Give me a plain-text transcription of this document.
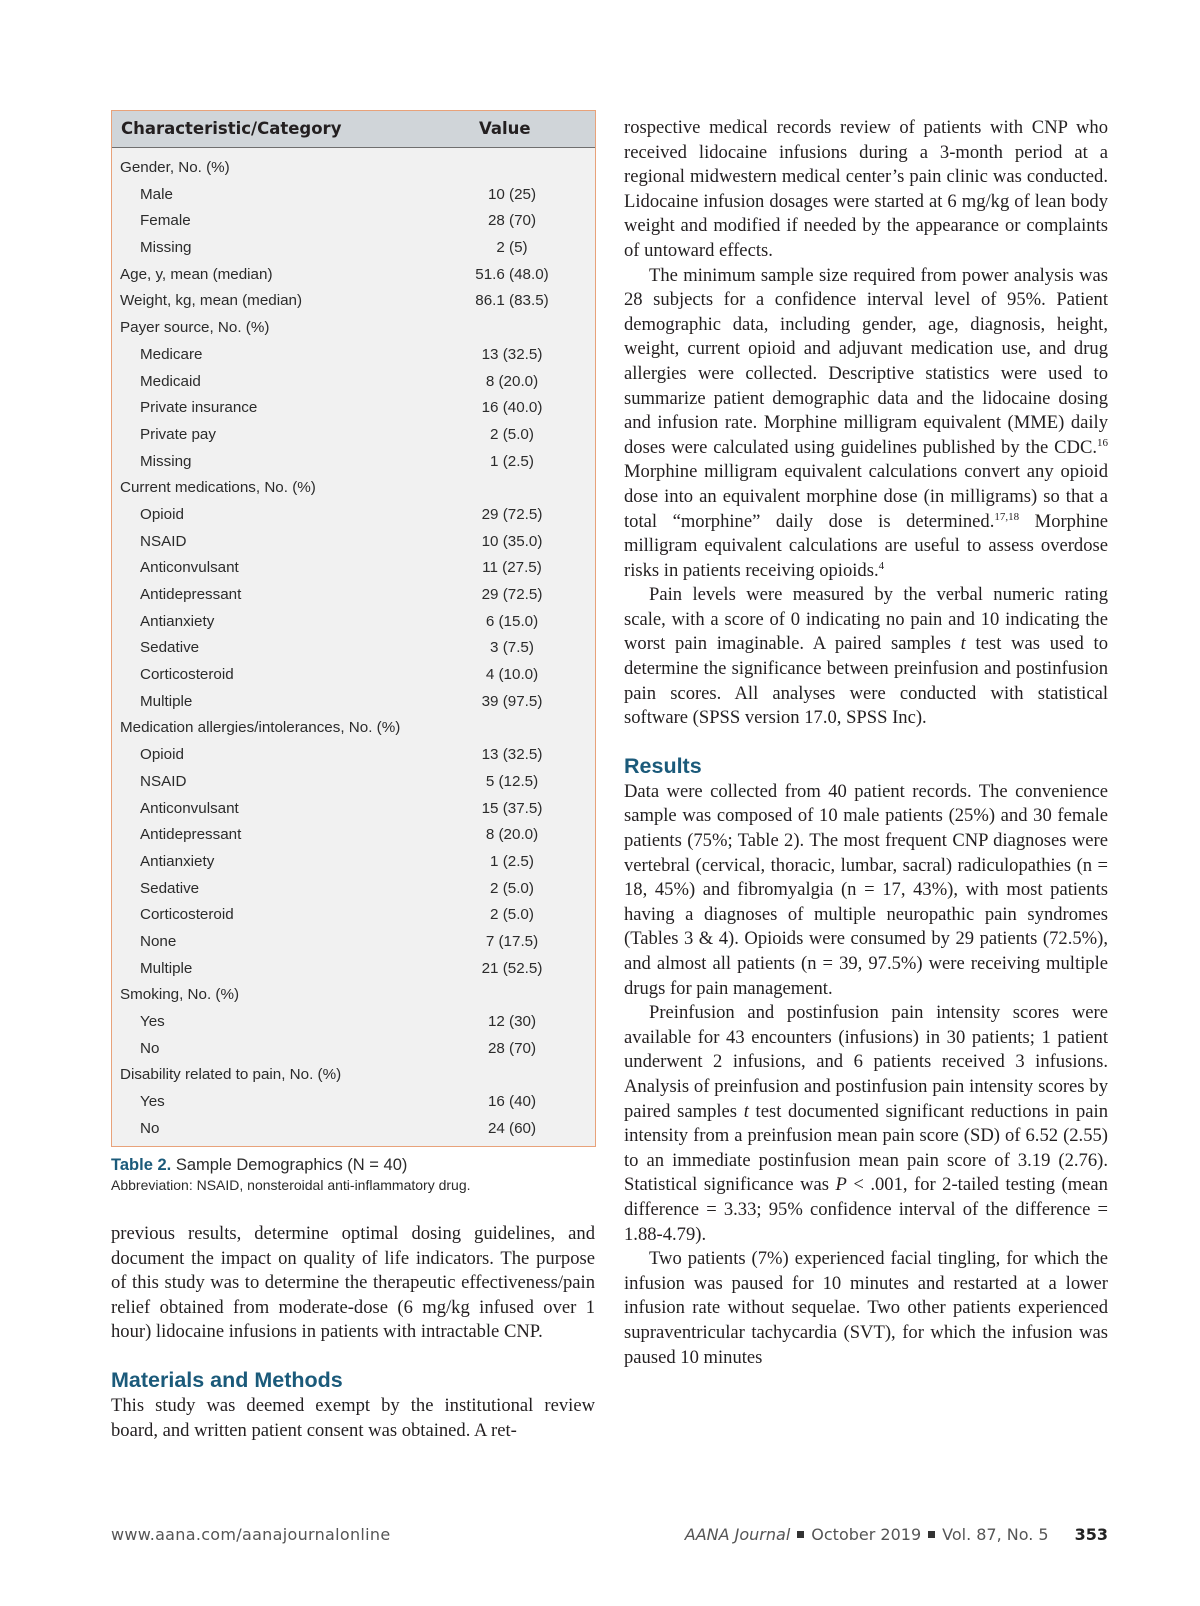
Characteristic/Category	Value
Gender, No. (%)
Male	10 (25)
Female	28 (70)
Missing	2 (5)
Age, y, mean (median)	51.6 (48.0)
Weight, kg, mean (median)	86.1 (83.5)
Payer source, No. (%)
Medicare	13 (32.5)
Medicaid	8 (20.0)
Private insurance	16 (40.0)
Private pay	2 (5.0)
Missing	1 (2.5)
Current medications, No. (%)
Opioid	29 (72.5)
NSAID	10 (35.0)
Anticonvulsant	11 (27.5)
Antidepressant	29 (72.5)
Antianxiety	6 (15.0)
Sedative	3 (7.5)
Corticosteroid	4 (10.0)
Multiple	39 (97.5)
Medication allergies/intolerances, No. (%)
Opioid	13 (32.5)
NSAID	5 (12.5)
Anticonvulsant	15 (37.5)
Antidepressant	8 (20.0)
Antianxiety	1 (2.5)
Sedative	2 (5.0)
Corticosteroid	2 (5.0)
None	7 (17.5)
Multiple	21 (52.5)
Smoking, No. (%)
Yes	12 (30)
No	28 (70)
Disability related to pain, No. (%)
Yes	16 (40)
No	24 (60)
Table 2. Sample Demographics (N = 40)
Abbreviation: NSAID, nonsteroidal anti-inflammatory drug.

previous results, determine optimal dosing guidelines, and document the impact on quality of life indicators. The purpose of this study was to determine the therapeutic effectiveness/pain relief obtained from moderate-dose (6 mg/kg infused over 1 hour) lidocaine infusions in patients with intractable CNP.

Materials and Methods

This study was deemed exempt by the institutional review board, and written patient consent was obtained. A ret-

rospective medical records review of patients with CNP who received lidocaine infusions during a 3-month period at a regional midwestern medical center’s pain clinic was conducted. Lidocaine infusion dosages were started at 6 mg/kg of lean body weight and modified if needed by the appearance or complaints of untoward effects.

The minimum sample size required from power analysis was 28 subjects for a confidence interval level of 95%. Patient demographic data, including gender, age, diagnosis, height, weight, current opioid and adjuvant medication use, and drug allergies were collected. Descriptive statistics were used to summarize patient demographic data and the lidocaine dosing and infusion rate. Morphine milligram equivalent (MME) daily doses were calculated using guidelines published by the CDC.$^{16}$ Morphine milligram equivalent calculations convert any opioid dose into an equivalent morphine dose (in milligrams) so that a total “morphine” daily dose is determined.$^{17,18}$ Morphine milligram equivalent calculations are useful to assess overdose risks in patients receiving opioids.$^4$

Pain levels were measured by the verbal numeric rating scale, with a score of 0 indicating no pain and 10 indicating the worst pain imaginable. A paired samples t test was used to determine the significance between preinfusion and postinfusion pain scores. All analyses were conducted with statistical software (SPSS version 17.0, SPSS Inc).

Results

Data were collected from 40 patient records. The convenience sample was composed of 10 male patients (25%) and 30 female patients (75%; Table 2). The most frequent CNP diagnoses were vertebral (cervical, thoracic, lumbar, sacral) radiculopathies (n = 18, 45%) and fibromyalgia (n = 17, 43%), with most patients having a diagnoses of multiple neuropathic pain syndromes (Tables 3 & 4). Opioids were consumed by 29 patients (72.5%), and almost all patients (n = 39, 97.5%) were receiving multiple drugs for pain management.

Preinfusion and postinfusion pain intensity scores were available for 43 encounters (infusions) in 30 patients; 1 patient underwent 2 infusions, and 6 patients received 3 infusions. Analysis of preinfusion and postinfusion pain intensity scores by paired samples t test documented significant reductions in pain intensity from a preinfusion mean pain score (SD) of 6.52 (2.55) to an immediate postinfusion mean pain score of 3.19 (2.76). Statistical significance was P < .001, for 2-tailed testing (mean difference = 3.33; 95% confidence interval of the difference = 1.88-4.79).

Two patients (7%) experienced facial tingling, for which the infusion was paused for 10 minutes and restarted at a lower infusion rate without sequelae. Two other patients experienced supraventricular tachycardia (SVT), for which the infusion was paused 10 minutes

www.aana.com/aanajournalonline	AANA Journal October 2019 Vol. 87, No. 5 353
